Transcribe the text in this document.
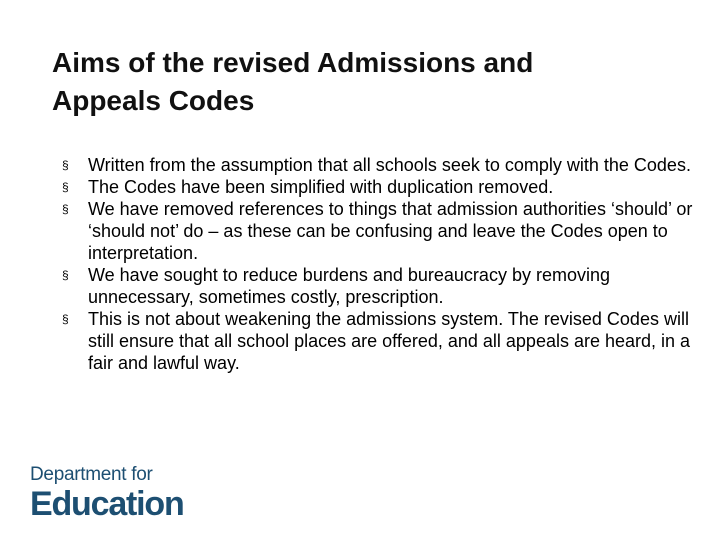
Aims of the revised Admissions and
Appeals Codes
§ Written from the assumption that all schools seek to comply with the Codes.
§ The Codes have been simplified with duplication removed.
§ We have removed references to things that admission authorities ‘should’ or ‘should not’ do – as these can be confusing and leave the Codes open to interpretation.
§ We have sought to reduce burdens and bureaucracy by removing unnecessary, sometimes costly, prescription.
§ This is not about weakening the admissions system. The revised Codes will still ensure that all school places are offered, and all appeals are heard, in a fair and lawful way.
Department for
Education
